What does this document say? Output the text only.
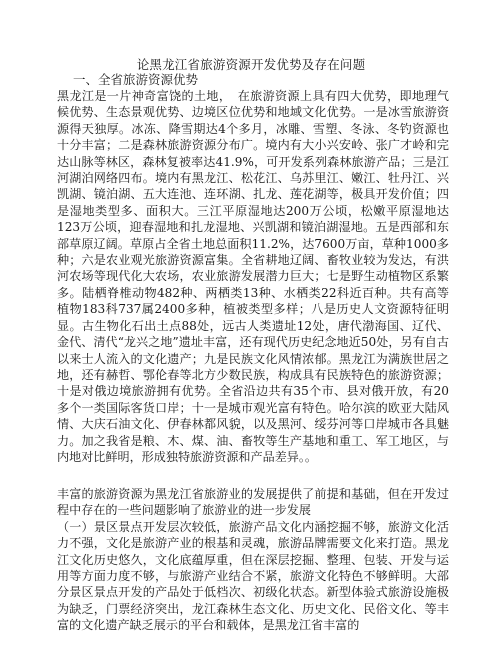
论黑龙江省旅游资源开发优势及存在问题
一、全省旅游资源优势

黑龙江是一片神奇富饶的土地，　在旅游资源上具有四大优势，即地理气候优势、生态景观优势、边境区位优势和地域文化优势。一是冰雪旅游资源得天独厚。冰冻、降雪期达4个多月，冰雕、雪塑、冬泳、冬钓资源也十分丰富；二是森林旅游资源分布广。境内有大小兴安岭、张广才岭和完达山脉等林区，森林复被率达41.9%，可开发系列森林旅游产品；三是江河湖泊网络四布。境内有黑龙江、松花江、乌苏里江、嫩江、牡丹江、兴凯湖、镜泊湖、五大连池、连环湖、扎龙、莲花湖等，极具开发价值；四是湿地类型多、面积大。三江平原湿地达200万公顷，松嫩平原湿地达123万公顷，迎春湿地和扎龙湿地、兴凯湖和镜泊湖湿地。五是西部和东部草原辽阔。草原占全省土地总面积11.2%，达7600万亩，草种1000多种；六是农业观光旅游资源富集。全省耕地辽阔、畜牧业较为发达，有洪河农场等现代化大农场，农业旅游发展潜力巨大；七是野生动植物区系繁多。陆栖脊椎动物482种、两栖类13种、水栖类22科近百种。共有高等植物183科737属2400多种，植被类型多样；八是历史人文资源特征明显。古生物化石出土点88处，远古人类遗址12处，唐代渤海国、辽代、金代、清代“龙兴之地”遗址丰富，还有现代历史纪念地近50处，另有自古以来士人流入的文化遗产；九是民族文化风情浓郁。黑龙江为满族世居之地，还有赫哲、鄂伦春等北方少数民族，构成具有民族特色的旅游资源；十是对俄边境旅游拥有优势。全省沿边共有35个市、县对俄开放，有20多个一类国际客货口岸；十一是城市观光富有特色。哈尔滨的欧亚大陆风情、大庆石油文化、伊春林都风貌，以及黑河、绥芬河等口岸城市各具魅力。加之我省是粮、木、煤、油、畜牧等生产基地和重工、军工地区，与内地对比鲜明，形成独特旅游资源和产品差异。。

丰富的旅游资源为黑龙江省旅游业的发展提供了前提和基础，但在开发过程中存在的一些问题影响了旅游业的进一步发展

（一）景区景点开发层次较低，旅游产品文化内涵挖掘不够，旅游文化活力不强，文化是旅游产业的根基和灵魂，旅游品牌需要文化来打造。黑龙江文化历史悠久，文化底蕴厚重，但在深层挖掘、整理、包装、开发与运用等方面力度不够，与旅游产业结合不紧，旅游文化特色不够鲜明。大部分景区景点开发的产品处于低档次、初级化状态。新型体验式旅游设施极为缺乏，门票经济突出，龙江森林生态文化、历史文化、民俗文化、等丰富的文化遗产缺乏展示的平台和载体，是黑龙江省丰富的
